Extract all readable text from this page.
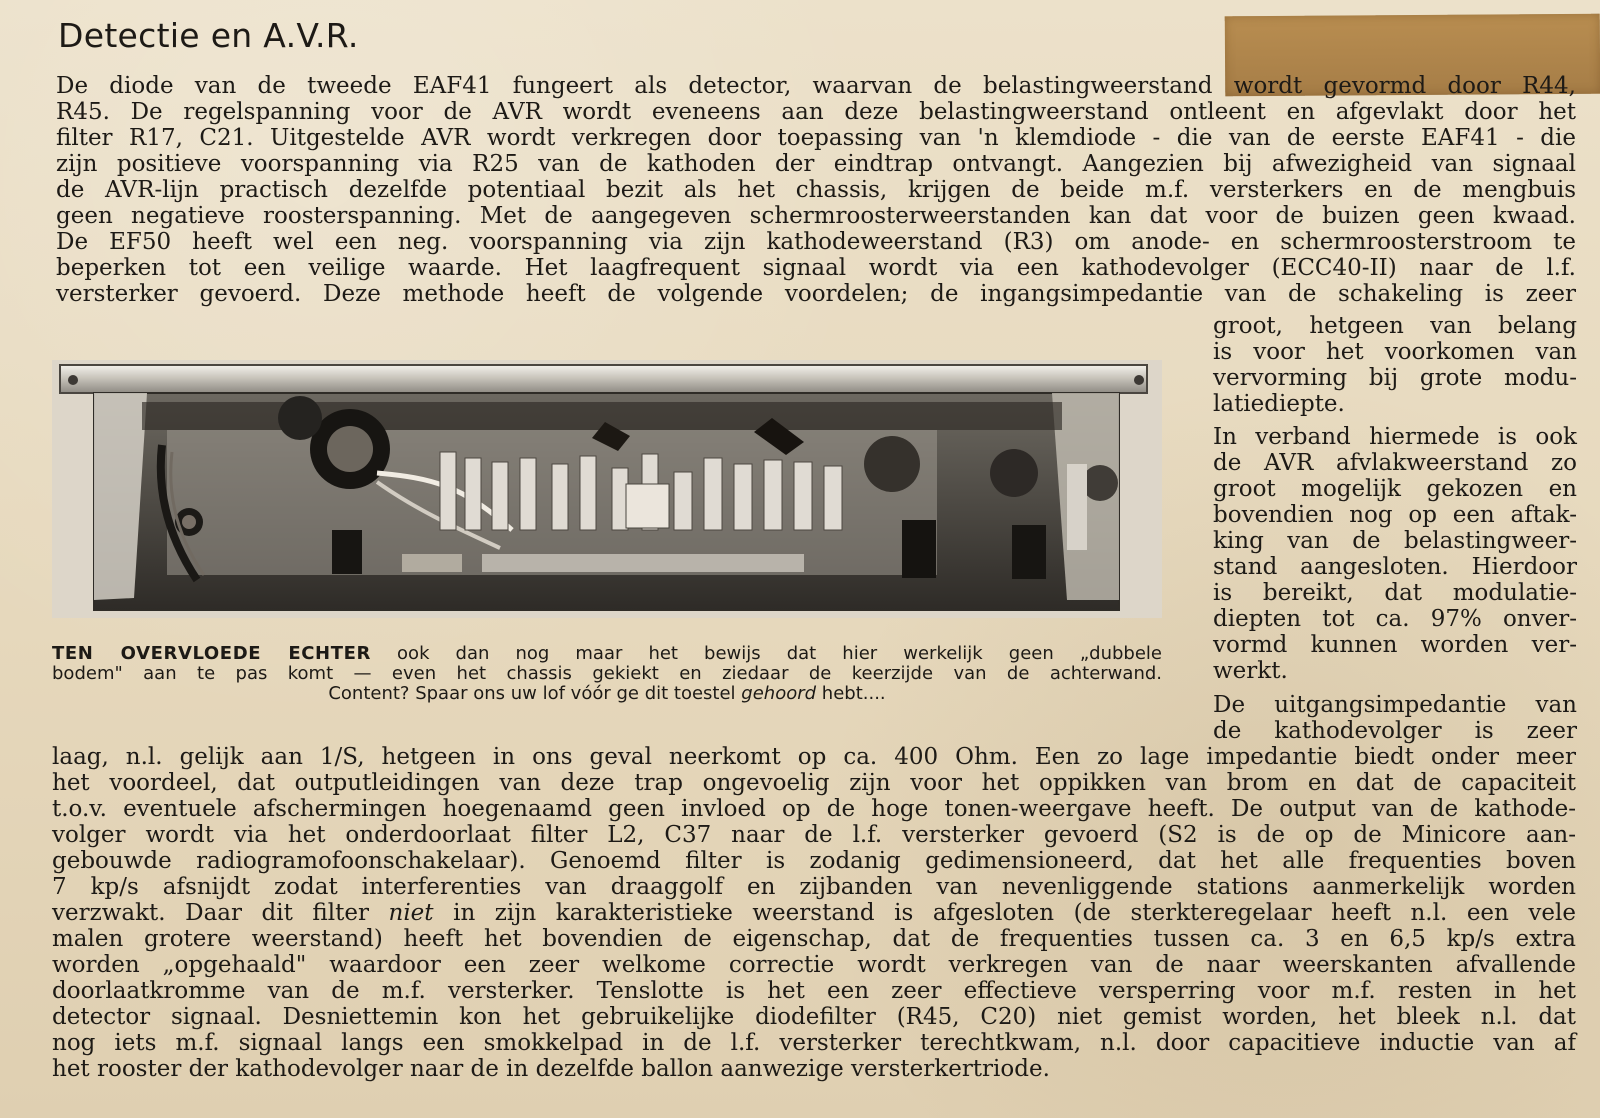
Detectie en A.V.R.

De diode van de tweede EAF41 fungeert als detector, waarvan de belastingweerstand wordt gevormd door R44,

R45. De regelspanning voor de AVR wordt eveneens aan deze belastingweerstand ontleent en afgevlakt door het

filter R17, C21. Uitgestelde AVR wordt verkregen door toepassing van 'n klemdiode - die van de eerste EAF41 - die

zijn positieve voorspanning via R25 van de kathoden der eindtrap ontvangt. Aangezien bij afwezigheid van signaal

de AVR-lijn practisch dezelfde potentiaal bezit als het chassis, krijgen de beide m.f. versterkers en de mengbuis

geen negatieve roosterspanning. Met de aangegeven schermroosterweerstanden kan dat voor de buizen geen kwaad.

De EF50 heeft wel een neg. voorspanning via zijn kathodeweerstand (R3) om anode- en schermroosterstroom te

beperken tot een veilige waarde. Het laagfrequent signaal wordt via een kathodevolger (ECC40-II) naar de l.f.

versterker gevoerd. Deze methode heeft de volgende voordelen; de ingangsimpedantie van de schakeling is zeer

TEN OVERVLOEDE ECHTER ook dan nog maar het bewijs dat hier werkelijk geen „dubbele

bodem" aan te pas komt — even het chassis gekiekt en ziedaar de keerzijde van de achterwand.

Content? Spaar ons uw lof vóór ge dit toestel gehoord hebt....

groot, hetgeen van belang

is voor het voorkomen van

vervorming bij grote modu-

latiediepte.

In verband hiermede is ook

de AVR afvlakweerstand zo

groot mogelijk gekozen en

bovendien nog op een aftak-

king van de belastingweer-

stand aangesloten. Hierdoor

is bereikt, dat modulatie-

diepten tot ca. 97% onver-

vormd kunnen worden ver-

werkt.

De uitgangsimpedantie van

de kathodevolger is zeer

laag, n.l. gelijk aan 1/S, hetgeen in ons geval neerkomt op ca. 400 Ohm. Een zo lage impedantie biedt onder meer

het voordeel, dat outputleidingen van deze trap ongevoelig zijn voor het oppikken van brom en dat de capaciteit

t.o.v. eventuele afschermingen hoegenaamd geen invloed op de hoge tonen-weergave heeft. De output van de kathode-

volger wordt via het onderdoorlaat filter L2, C37 naar de l.f. versterker gevoerd (S2 is de op de Minicore aan-

gebouwde radiogramofoonschakelaar). Genoemd filter is zodanig gedimensioneerd, dat het alle frequenties boven

7 kp/s afsnijdt zodat interferenties van draaggolf en zijbanden van nevenliggende stations aanmerkelijk worden

verzwakt. Daar dit filter niet in zijn karakteristieke weerstand is afgesloten (de sterkteregelaar heeft n.l. een vele

malen grotere weerstand) heeft het bovendien de eigenschap, dat de frequenties tussen ca. 3 en 6,5 kp/s extra

worden „opgehaald" waardoor een zeer welkome correctie wordt verkregen van de naar weerskanten afvallende

doorlaatkromme van de m.f. versterker. Tenslotte is het een zeer effectieve versperring voor m.f. resten in het

detector signaal. Desniettemin kon het gebruikelijke diodefilter (R45, C20) niet gemist worden, het bleek n.l. dat

nog iets m.f. signaal langs een smokkelpad in de l.f. versterker terechtkwam, n.l. door capacitieve inductie van af

het rooster der kathodevolger naar de in dezelfde ballon aanwezige versterkertriode.
